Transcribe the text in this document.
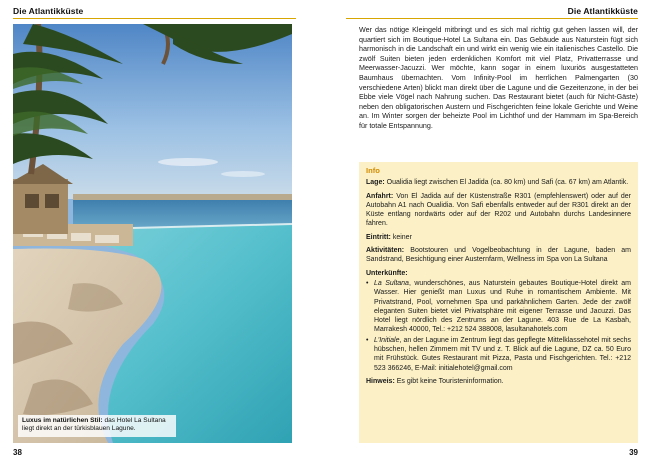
Die Atlantikküste
Luxus im natürlichen Stil: das Hotel La Sultana liegt direkt an der türkisblauen Lagune.
38
Die Atlantikküste
Wer das nötige Kleingeld mitbringt und es sich mal richtig gut gehen lassen will, der quartiert sich im Boutique-Hotel La Sultana ein. Das Gebäude aus Naturstein fügt sich harmonisch in die Landschaft ein und wirkt ein wenig wie ein italienisches Castello. Die zwölf Suiten bieten jeden erdenklichen Komfort mit viel Platz, Privatterrasse und Meerwasser-Jacuzzi. Wer möchte, kann sogar in einem luxuriös ausgestatteten Baumhaus übernachten. Vom Infinity-Pool im herrlichen Palmengarten (30 verschiedene Arten) blickt man direkt über die Lagune und die Gezeitenzone, in der bei Ebbe viele Vögel nach Nahrung suchen. Das Restaurant bietet (auch für Nicht-Gäste) neben den obligatorischen Austern und Fischgerichten feine lokale Gerichte und Weine an. Im Winter sorgen der beheizte Pool im Lichthof und der Hammam im Spa-Bereich für totale Entspannung.
Info

Lage: Oualidia liegt zwischen El Jadida (ca. 80 km) und Safi (ca. 67 km) am Atlantik.

Anfahrt: Von El Jadida auf der Küstenstraße R301 (empfehlenswert) oder auf der Autobahn A1 nach Oualidia. Von Safi ebenfalls entweder auf der R301 direkt an der Küste entlang nordwärts oder auf der R202 und Autobahn durchs Landesinnere fahren.

Eintritt: keiner

Aktivitäten: Bootstouren und Vogelbeobachtung in der Lagune, baden am Sandstrand, Besichtigung einer Austernfarm, Wellness im Spa von La Sultana

Unterkünfte:
• La Sultana, wunderschönes, aus Naturstein gebautes Boutique-Hotel direkt am Wasser. Hier genießt man Luxus und Ruhe in romantischem Ambiente. Mit Privatstrand, Pool, vornehmen Spa und parkähnlichem Garten. Jede der zwölf eleganten Suiten bietet viel Privatsphäre mit eigener Terrasse und Jacuzzi. Das Hotel liegt nördlich des Zentrums an der Lagune. 403 Rue de La Kasbah, Marrakesh 40000, Tel.: +212 524 388008, lasultanahotels.com
• L'Initiale, an der Lagune im Zentrum liegt das gepflegte Mittelklassehotel mit sechs hübschen, hellen Zimmern mit TV und z. T. Blick auf die Lagune, DZ ca. 50 Euro mit Frühstück. Gutes Restaurant mit Pizza, Pasta und Fischgerichten. Tel.: +212 523 366246, E-Mail: initialehotel@gmail.com

Hinweis: Es gibt keine Touristeninformation.

39
